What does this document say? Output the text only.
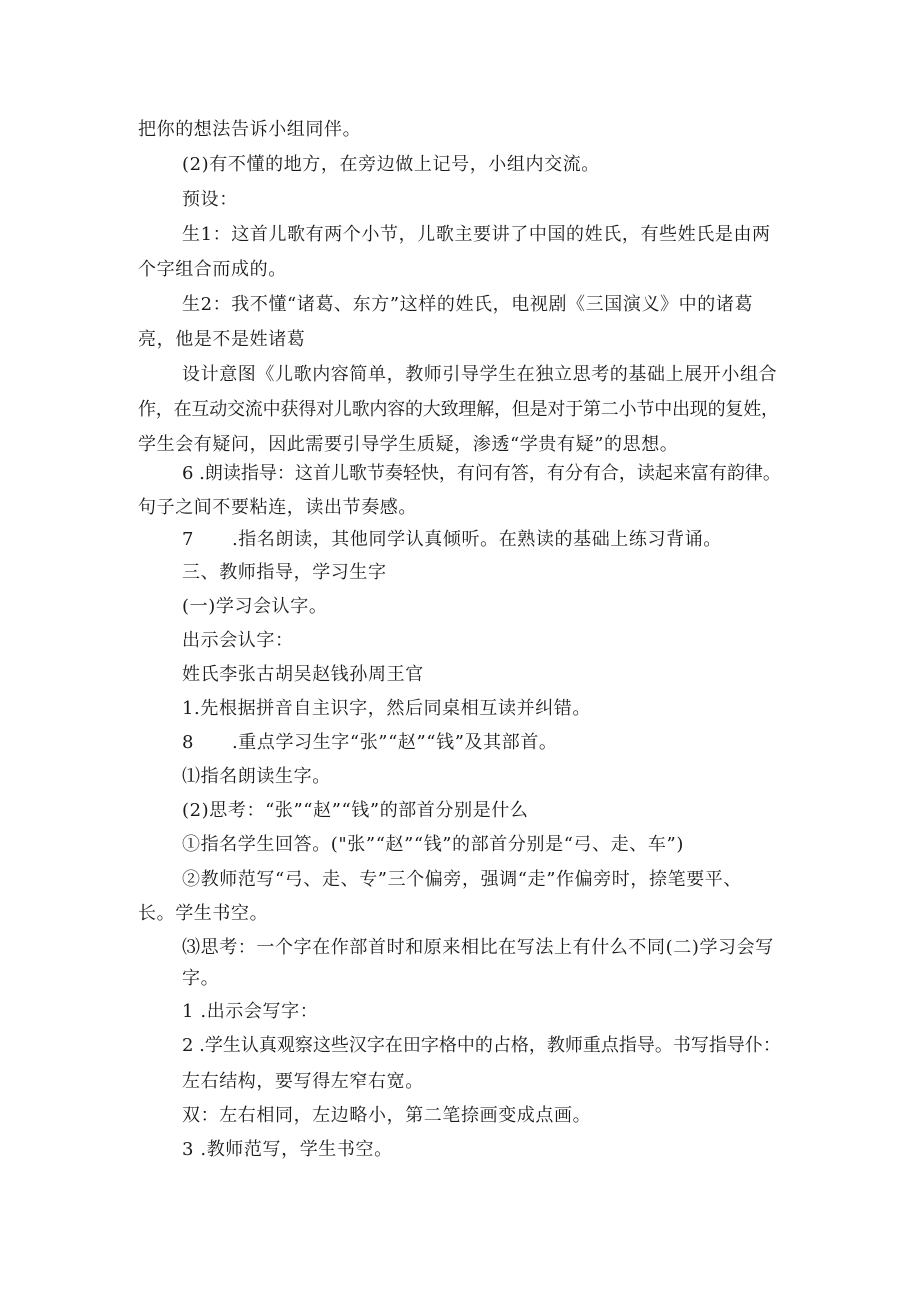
把你的想法告诉小组同伴。
(2)有不懂的地方，在旁边做上记号，小组内交流。
预设：
生1：这首儿歌有两个小节，儿歌主要讲了中国的姓氏，有些姓氏是由两
个字组合而成的。
生2：我不懂“诸葛、东方”这样的姓氏，电视剧《三国演义》中的诸葛
亮，他是不是姓诸葛
设计意图《儿歌内容简单，教师引导学生在独立思考的基础上展开小组合
作，在互动交流中获得对儿歌内容的大致理解，但是对于第二小节中出现的复姓，
学生会有疑问，因此需要引导学生质疑，渗透“学贵有疑”的思想。
6 .朗读指导：这首儿歌节奏轻快，有问有答，有分有合，读起来富有韵律。
句子之间不要粘连，读出节奏感。
7      .指名朗读，其他同学认真倾听。在熟读的基础上练习背诵。
三、教师指导，学习生字
(一)学习会认字。
出示会认字：
姓氏李张古胡吴赵钱孙周王官
1.先根据拼音自主识字，然后同桌相互读并纠错。
8      .重点学习生字“张”“赵”“钱”及其部首。
⑴指名朗读生字。
(2)思考：“张”“赵”“钱”的部首分别是什么
①指名学生回答。("张”“赵”“钱”的部首分别是“弓、走、车”)
②教师范写“弓、走、专”三个偏旁，强调“走”作偏旁时，捺笔要平、
长。学生书空。
⑶思考：一个字在作部首时和原来相比在写法上有什么不同(二)学习会写
字。
1 .出示会写字：
2 .学生认真观察这些汉字在田字格中的占格，教师重点指导。书写指导仆：
左右结构，要写得左窄右宽。
双：左右相同，左边略小，第二笔捺画变成点画。
3 .教师范写，学生书空。
